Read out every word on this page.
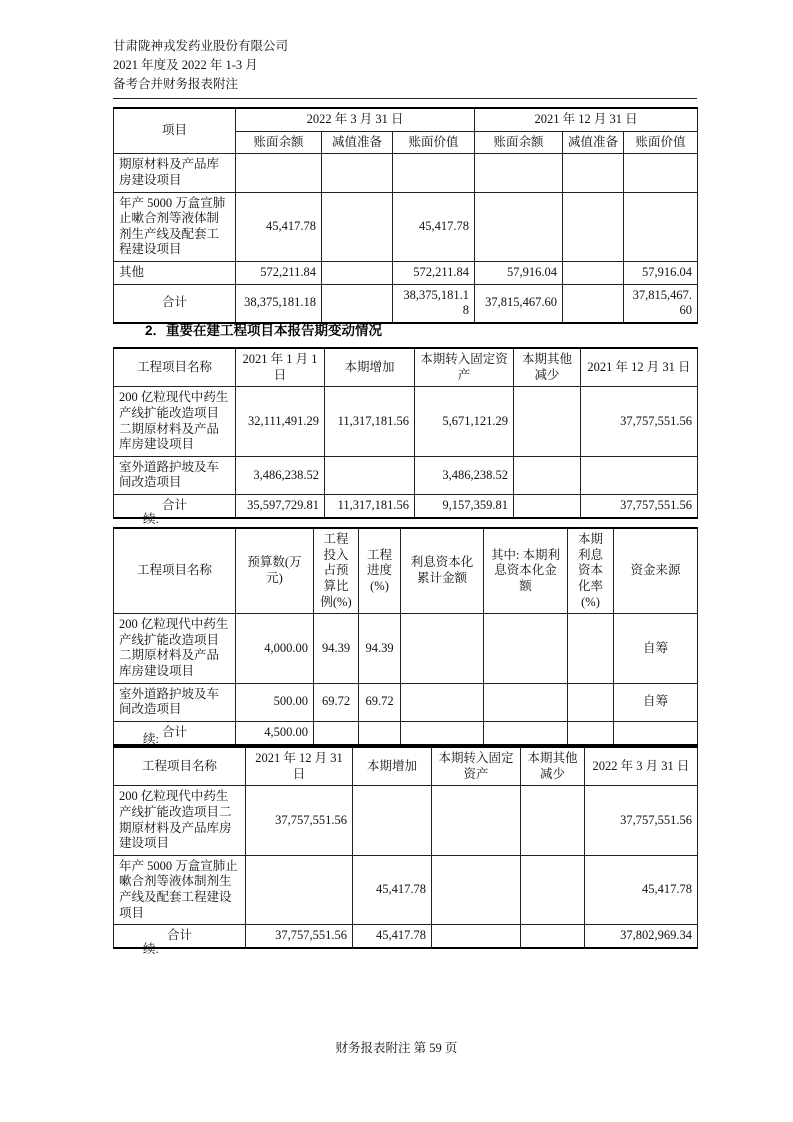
甘肃陇神戎发药业股份有限公司
2021 年度及 2022 年 1-3 月
备考合并财务报表附注
项目	2022 年 3 月 31 日			2021 年 12 月 31 日		
	账面余额	减值准备	账面价值	账面余额	减值准备	账面价值
期原材料及产品库房建设项目						
年产 5000 万盒宣肺止嗽合剂等液体制剂生产线及配套工程建设项目	45,417.78		45,417.78			
其他	572,211.84		572,211.84	57,916.04		57,916.04
合计	38,375,181.18		38,375,181.18	37,815,467.60		37,815,467.60
2．重要在建工程项目本报告期变动情况
工程项目名称	2021 年 1 月 1 日	本期增加	本期转入固定资产	本期其他减少	2021 年 12 月 31 日
200 亿粒现代中药生产线扩能改造项目二期原材料及产品库房建设项目	32,111,491.29	11,317,181.56	5,671,121.29		37,757,551.56
室外道路护坡及车间改造项目	3,486,238.52		3,486,238.52		
合计	35,597,729.81	11,317,181.56	9,157,359.81		37,757,551.56
续:
工程项目名称	预算数(万元)	工程投入占预算比例(%)	工程进度(%)	利息资本化累计金额	其中: 本期利息资本化金额	本期利息资本化率(%)	资金来源
200 亿粒现代中药生产线扩能改造项目二期原材料及产品库房建设项目	4,000.00	94.39	94.39				自筹
室外道路护坡及车间改造项目	500.00	69.72	69.72				自筹
合计	4,500.00						
续:
工程项目名称	2021 年 12 月 31 日	本期增加	本期转入固定资产	本期其他减少	2022 年 3 月 31 日
200 亿粒现代中药生产线扩能改造项目二期原材料及产品库房建设项目	37,757,551.56				37,757,551.56
年产 5000 万盒宣肺止嗽合剂等液体制剂生产线及配套工程建设项目		45,417.78			45,417.78
合计	37,757,551.56	45,417.78			37,802,969.34
续:
财务报表附注 第 59 页
